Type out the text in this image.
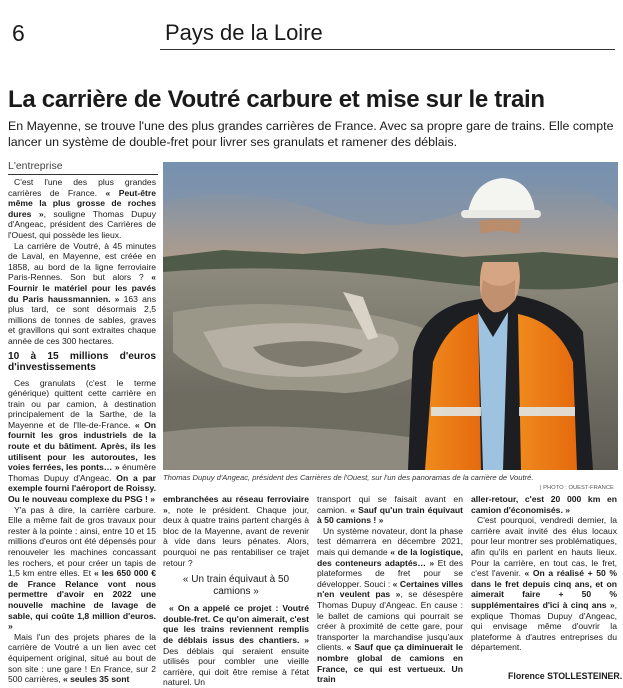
6	Pays de la Loire
La carrière de Voutré carbure et mise sur le train

En Mayenne, se trouve l'une des plus grandes carrières de France. Avec sa propre gare de trains. Elle compte lancer un système de double-fret pour livrer ses granulats et ramener des déblais.

L'entreprise

C'est l'une des plus grandes carrières de France. « Peut-être même la plus grosse de roches dures », souligne Thomas Dupuy d'Angeac, président des Carrières de l'Ouest, qui possède les lieux.

La carrière de Voutré, à 45 minutes de Laval, en Mayenne, est créée en 1858, au bord de la ligne ferroviaire Paris-Rennes. Son but alors ? « Fournir le matériel pour les pavés du Paris haussmannien. » 163 ans plus tard, ce sont désormais 2,5 millions de tonnes de sables, graves et gravillons qui sont extraites chaque année de ces 300 hectares.

10 à 15 millions d'euros d'investissements

Ces granulats (c'est le terme générique) quittent cette carrière en train ou par camion, à destination principalement de la Sarthe, de la Mayenne et de l'Ile-de-France. « On fournit les gros industriels de la route et du bâtiment. Après, ils les utilisent pour les autoroutes, les voies ferrées, les ponts… » énumère Thomas Dupuy d'Angeac. On a par exemple fourni l'aéroport de Roissy. Ou le nouveau complexe du PSG ! »

Y'a pas à dire, la carrière carbure. Elle a même fait de gros travaux pour rester à la pointe : ainsi, entre 10 et 15 millions d'euros ont été dépensés pour renouveler les machines concassant les rochers, et pour créer un tapis de 1,5 km entre elles. Et « les 650 000 € de France Relance vont nous permettre d'avoir en 2022 une nouvelle machine de lavage de sable, qui coûte 1,8 million d'euros. »

Mais l'un des projets phares de la carrière de Voutré a un lien avec cet équipement original, situé au bout de son site : une gare ! En France, sur 2 500 carrières, « seules 35 sont

Thomas Dupuy d'Angeac, président des Carrières de l'Ouest, sur l'un des panoramas de la carrière de Voutré.
| PHOTO : OUEST-FRANCE

embranchées au réseau ferroviaire », note le président. Chaque jour, deux à quatre trains partent chargés à bloc de la Mayenne, avant de revenir à vide dans leurs pénates. Alors, pourquoi ne pas rentabiliser ce trajet retour ?

« Un train équivaut à 50 camions »

« On a appelé ce projet : Voutré double-fret. Ce qu'on aimerait, c'est que les trains reviennent remplis de déblais issus des chantiers. » Des déblais qui seraient ensuite utilisés pour combler une vieille carrière, qui doit être remise à l'état naturel. Un

transport qui se faisait avant en camion. « Sauf qu'un train équivaut à 50 camions ! »

Un système novateur, dont la phase test démarrera en décembre 2021, mais qui demande « de la logistique, des conteneurs adaptés… » Et des plateformes de fret pour se développer. Souci : « Certaines villes n'en veulent pas », se désespère Thomas Dupuy d'Angeac. En cause : le ballet de camions qui pourrait se créer à proximité de cette gare, pour transporter la marchandise jusqu'aux clients. « Sauf que ça diminuerait le nombre global de camions en France, ce qui est vertueux. Un train

aller-retour, c'est 20 000 km en camion d'économisés. »

C'est pourquoi, vendredi dernier, la carrière avait invité des élus locaux pour leur montrer ses problématiques, afin qu'ils en parlent en hauts lieux. Pour la carrière, en tout cas, le fret, c'est l'avenir. « On a réalisé + 50 % dans le fret depuis cinq ans, et on aimerait faire + 50 % supplémentaires d'ici à cinq ans », explique Thomas Dupuy d'Angeac, qui envisage même d'ouvrir la plateforme à d'autres entreprises du département.

Florence STOLLESTEINER.
